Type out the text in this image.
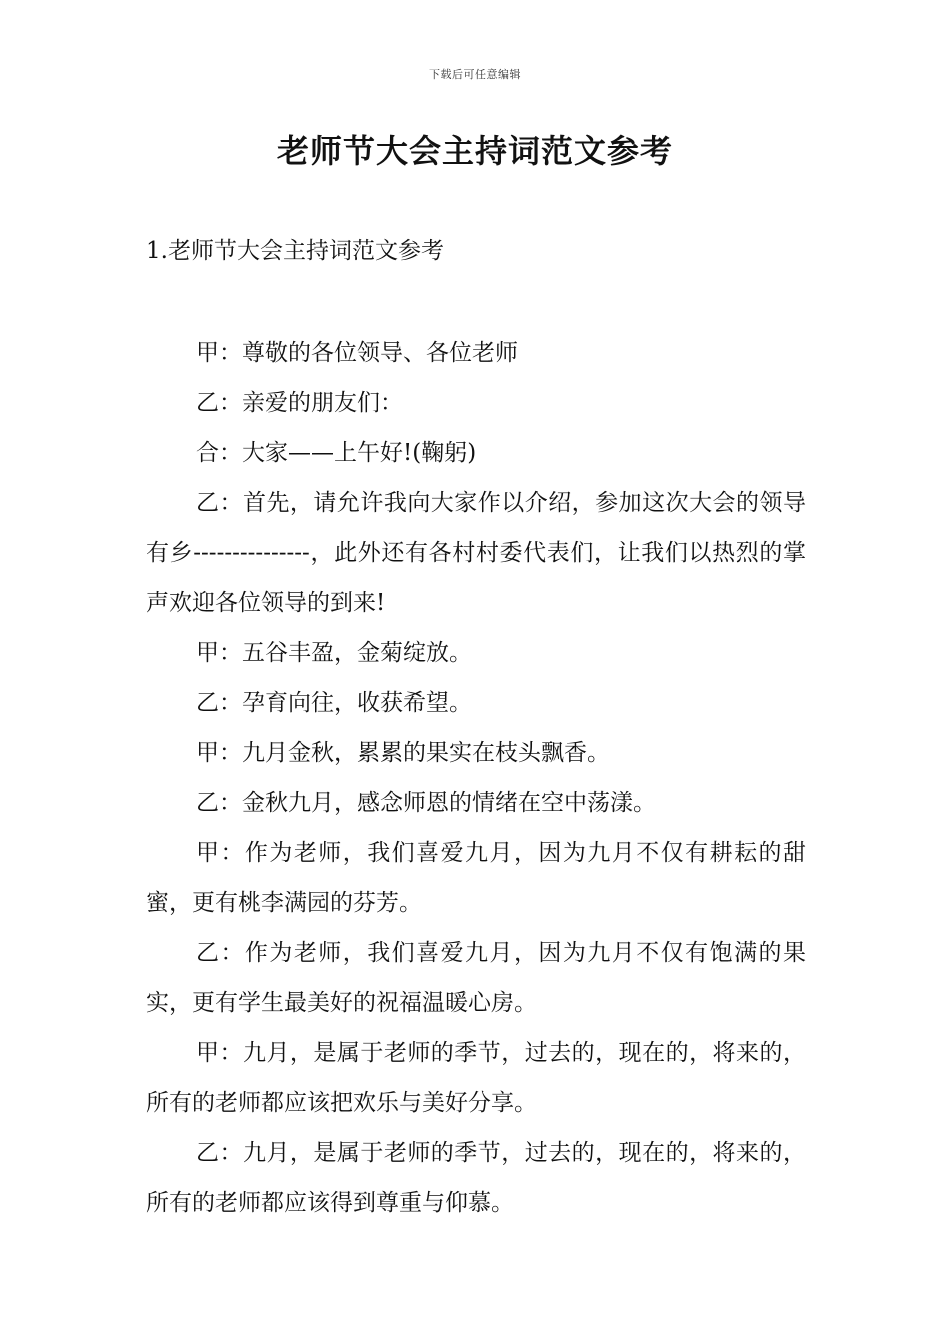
下载后可任意编辑
老师节大会主持词范文参考
1.老师节大会主持词范文参考

甲：尊敬的各位领导、各位老师

乙：亲爱的朋友们：

合：大家——上午好!(鞠躬)

乙：首先，请允许我向大家作以介绍，参加这次大会的领导有乡---------------，此外还有各村村委代表们，让我们以热烈的掌声欢迎各位领导的到来!

甲：五谷丰盈，金菊绽放。

乙：孕育向往，收获希望。

甲：九月金秋，累累的果实在枝头飘香。

乙：金秋九月，感念师恩的情绪在空中荡漾。

甲：作为老师，我们喜爱九月，因为九月不仅有耕耘的甜蜜，更有桃李满园的芬芳。

乙：作为老师，我们喜爱九月，因为九月不仅有饱满的果实，更有学生最美好的祝福温暖心房。

甲：九月，是属于老师的季节，过去的，现在的，将来的，所有的老师都应该把欢乐与美好分享。

乙：九月，是属于老师的季节，过去的，现在的，将来的，所有的老师都应该得到尊重与仰慕。
